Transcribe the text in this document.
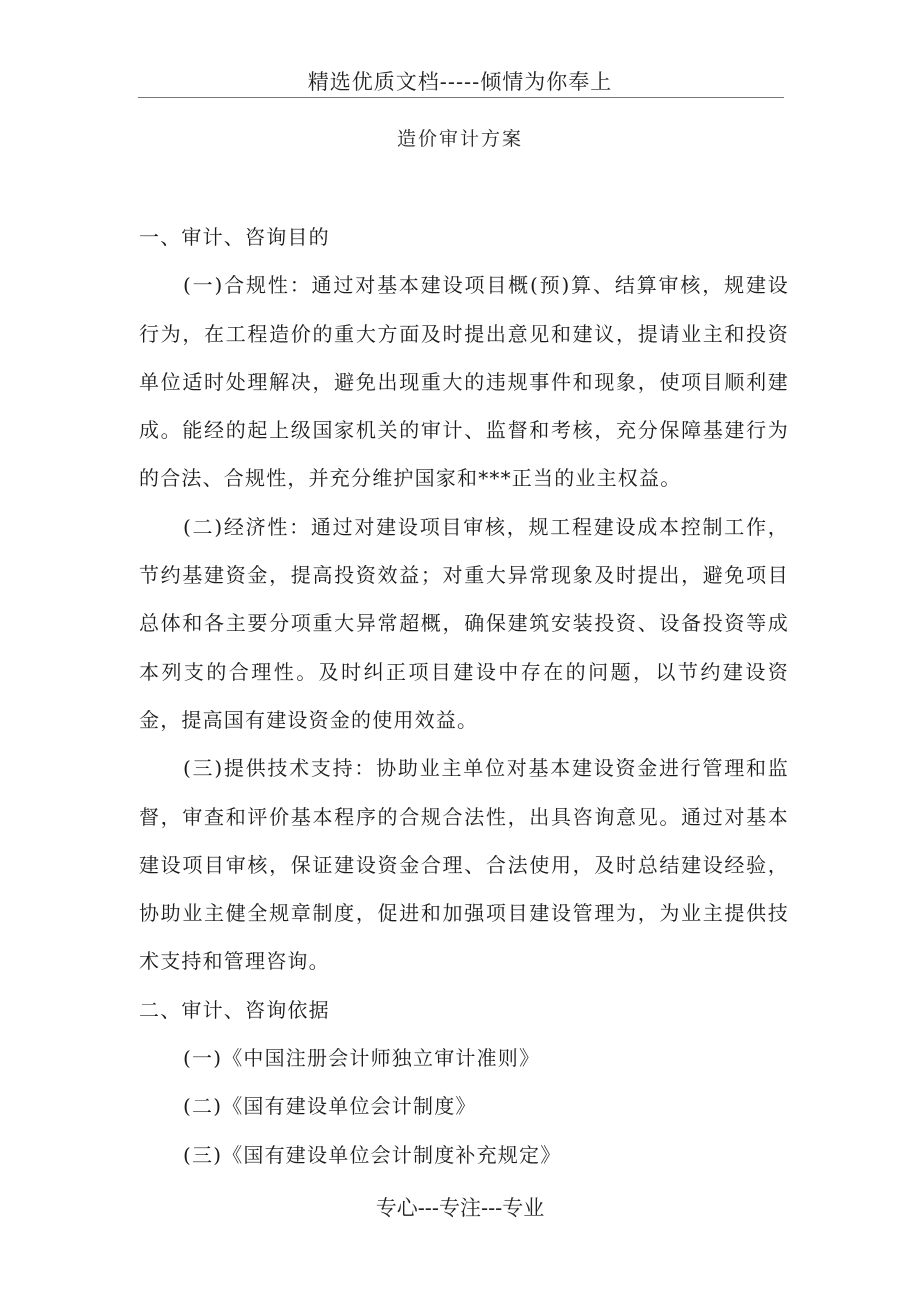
精选优质文档-----倾情为你奉上
造价审计方案

一、审计、咨询目的

(一)合规性：通过对基本建设项目概(预)算、结算审核，规建设行为，在工程造价的重大方面及时提出意见和建议，提请业主和投资单位适时处理解决，避免出现重大的违规事件和现象，使项目顺利建成。能经的起上级国家机关的审计、监督和考核，充分保障基建行为的合法、合规性，并充分维护国家和***正当的业主权益。

(二)经济性：通过对建设项目审核，规工程建设成本控制工作，节约基建资金，提高投资效益；对重大异常现象及时提出，避免项目总体和各主要分项重大异常超概，确保建筑安装投资、设备投资等成本列支的合理性。及时纠正项目建设中存在的问题，以节约建设资金，提高国有建设资金的使用效益。

(三)提供技术支持：协助业主单位对基本建设资金进行管理和监督，审查和评价基本程序的合规合法性，出具咨询意见。通过对基本建设项目审核，保证建设资金合理、合法使用，及时总结建设经验，协助业主健全规章制度，促进和加强项目建设管理为，为业主提供技术支持和管理咨询。

二、审计、咨询依据

(一)《中国注册会计师独立审计准则》

(二)《国有建设单位会计制度》

(三)《国有建设单位会计制度补充规定》

专心---专注---专业
